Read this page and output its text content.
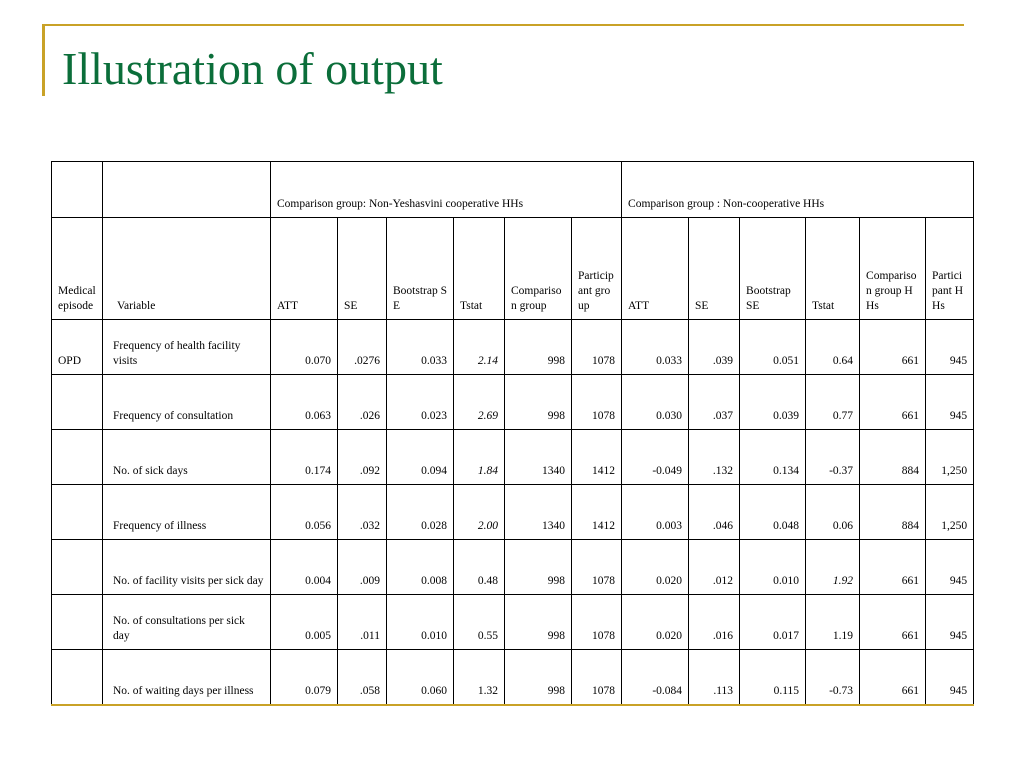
Illustration of output
		Comparison group: Non-Yeshasvini cooperative HHs						Comparison group : Non-cooperative HHs					
Medical episode	Variable	ATT	SE	Bootstrap SE	Tstat	Comparison group	Participant group	ATT	SE	Bootstrap SE	Tstat	Comparison group HHs	Participant HHs
OPD	Frequency of health facility visits	0.070	.0276	0.033	2.14	998	1078	0.033	.039	0.051	0.64	661	945
	Frequency of consultation	0.063	.026	0.023	2.69	998	1078	0.030	.037	0.039	0.77	661	945
	No. of sick days	0.174	.092	0.094	1.84	1340	1412	-0.049	.132	0.134	-0.37	884	1,250
	Frequency of illness	0.056	.032	0.028	2.00	1340	1412	0.003	.046	0.048	0.06	884	1,250
	No. of facility visits per sick day	0.004	.009	0.008	0.48	998	1078	0.020	.012	0.010	1.92	661	945
	No. of consultations per sick day	0.005	.011	0.010	0.55	998	1078	0.020	.016	0.017	1.19	661	945
	No. of waiting days per illness	0.079	.058	0.060	1.32	998	1078	-0.084	.113	0.115	-0.73	661	945
